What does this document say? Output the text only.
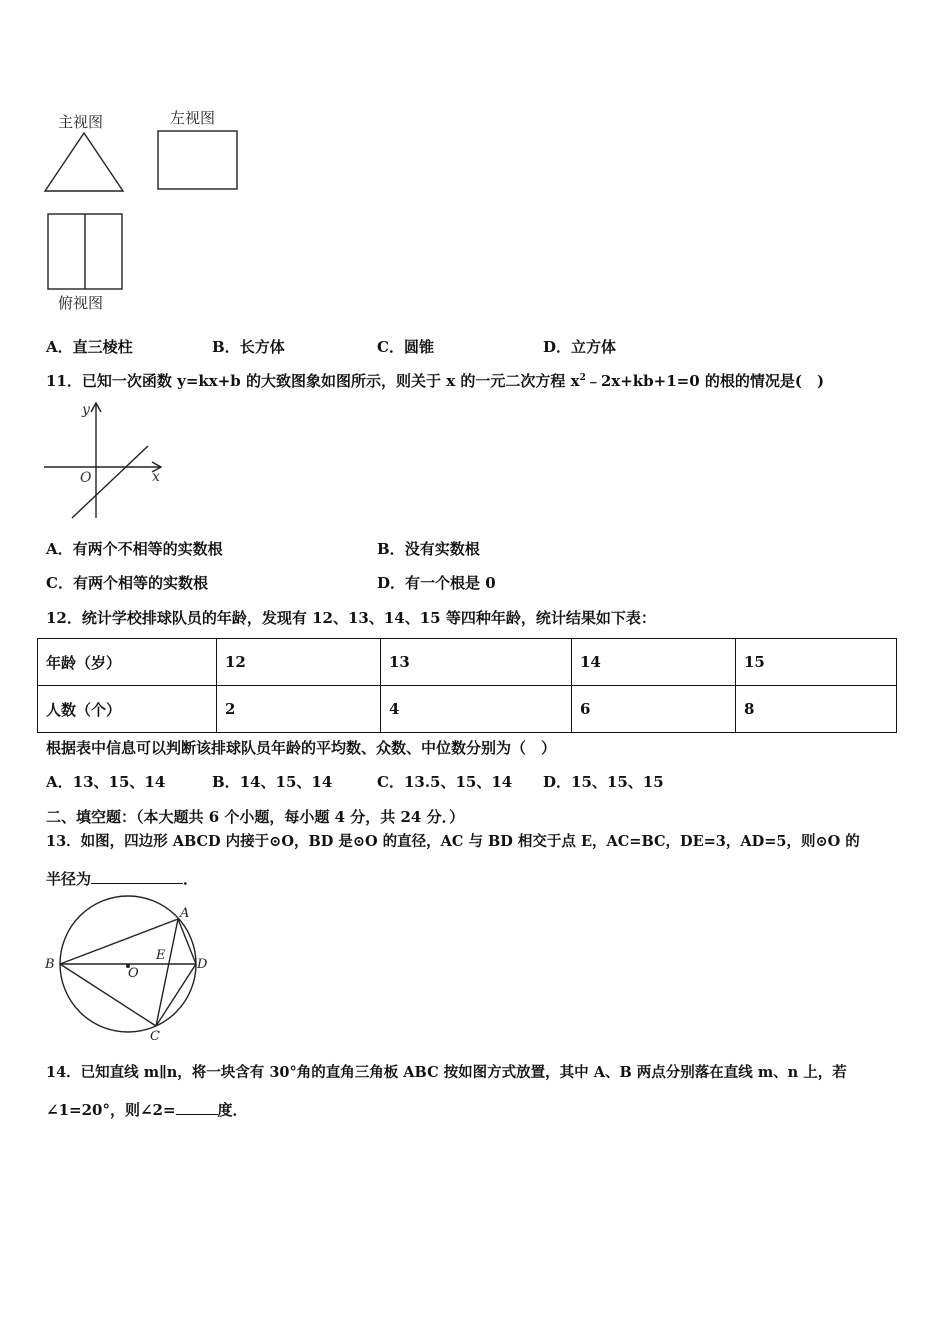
主视图	左视图
俯视图
A．直三棱柱	B．长方体	C．圆锥	D．立方体
11．已知一次函数 y=kx+b 的大致图象如图所示，则关于 x 的一元二次方程 $x^2﹣2x+kb+1=0$ 的根的情况是(　)
y
x
O
A．有两个不相等的实数根	B．没有实数根
C．有两个相等的实数根	D．有一个根是 0
12．统计学校排球队员的年龄，发现有 12、13、14、15 等四种年龄，统计结果如下表：
年龄（岁）	12	13	14	15
人数（个）	2	4	6	8
根据表中信息可以判断该排球队员年龄的平均数、众数、中位数分别为（　）
A．13、15、14	B．14、15、14	C．13.5、15、14 D．15、15、15
二、填空题：（本大题共 6 个小题，每小题 4 分，共 24 分．）
13．如图，四边形 ABCD 内接于⊙O，BD 是⊙O 的直径，AC 与 BD 相交于点 E，AC=BC，DE=3，AD=5，则⊙O 的
半径为	．
A
B
C
D
E
O
14．已知直线 m∥n，将一块含有 30°角的直角三角板 ABC 按如图方式放置，其中 A、B 两点分别落在直线 m、n 上，若
∠1=20°，则∠2=	度．
